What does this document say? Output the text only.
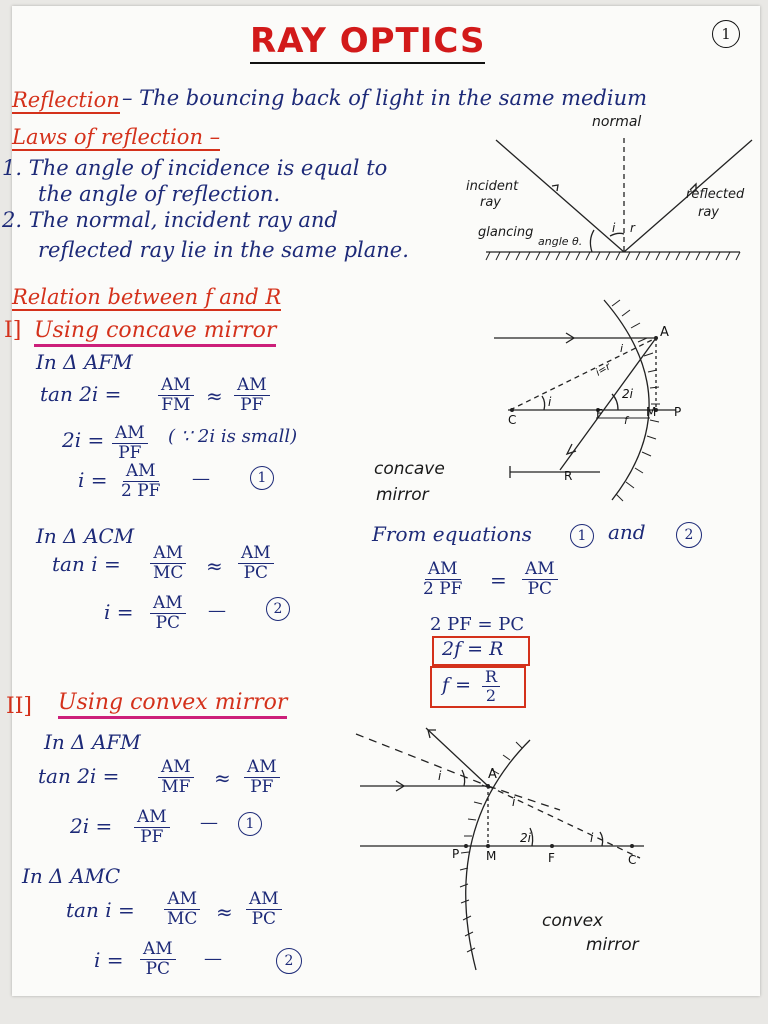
1
RAY OPTICS
Reflection – The bouncing back of light in the same medium
Laws of reflection –
1. The angle of incidence is equal to
the angle of reflection.
2. The normal, incident ray and
reflected ray lie in the same plane.
normal
incident
ray
reflected
ray
glancing
angle θ.
i r
Relation between f and R
I] Using concave mirror
In Δ AFM
tan 2i = AM
FM ≈ AM
PF
2i = AM
PF
( ∵ 2i is small)
i = AM
2 PF
—	1
In Δ ACM
tan i = AM
MC ≈
AM
PC
i = AM
PC
—	2
A
C	F	M P
R
f
i
2i
i
i=r
concave
mirror
From equations	1	and	2
AM
2 PF = AM
PC
2 PF = PC
2f = R
f = R
2
II] Using convex mirror
In Δ AFM
tan 2i = AM
MF ≈ AM
PF
2i = AM
PF
—	1
In Δ AMC
tan i = AM
MC ≈
AM
PC
i = AM
PC —	2
A
P M	F	C
i
i
2i	i
convex
mirror
